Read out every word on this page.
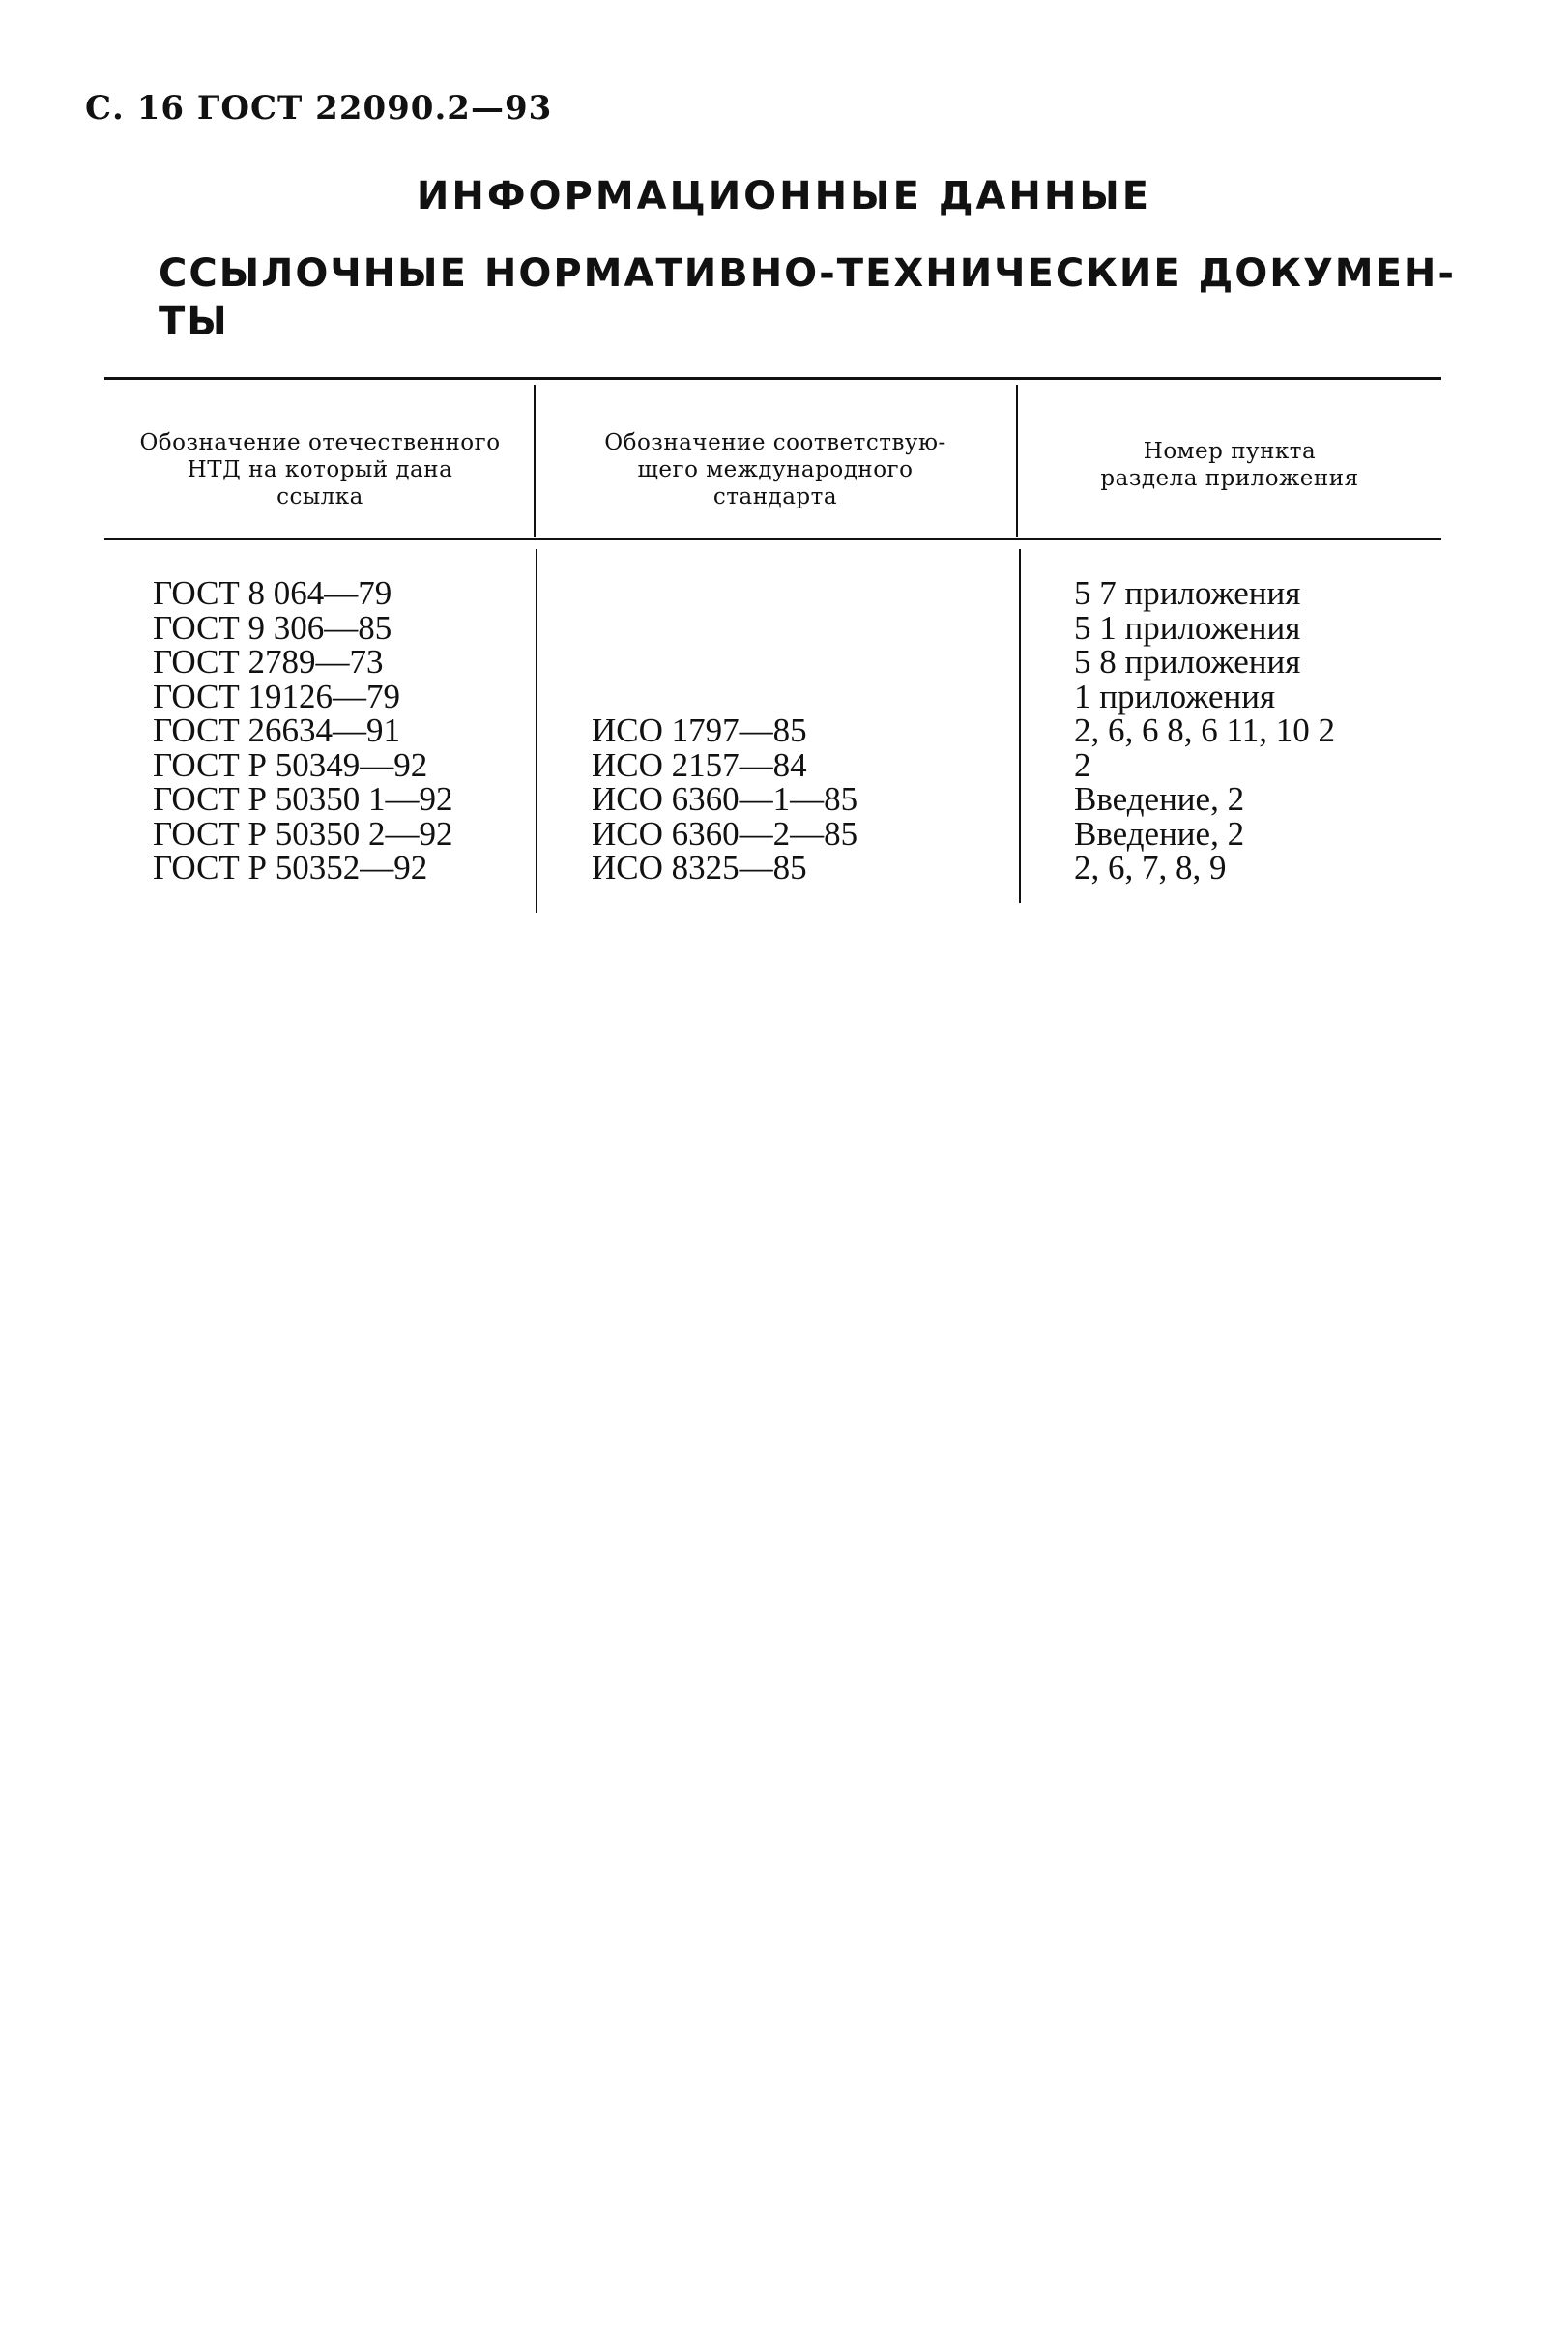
С. 16 ГОСТ 22090.2—93
ИНФОРМАЦИОННЫЕ ДАННЫЕ
ССЫЛОЧНЫЕ НОРМАТИВНО-ТЕХНИЧЕСКИЕ ДОКУМЕНТЫ
Обозначение отечественного
НТД на который дана
ссылка
Обозначение соответствую-
щего международного
стандарта
Номер пункта
раздела приложения
ГОСТ 8 064—79
ГОСТ 9 306—85
ГОСТ 2789—73
ГОСТ 19126—79
ГОСТ 26634—91
ГОСТ Р 50349—92
ГОСТ Р 50350 1—92
ГОСТ Р 50350 2—92
ГОСТ Р 50352—92
ИСО 1797—85
ИСО 2157—84
ИСО 6360—1—85
ИСО 6360—2—85
ИСО 8325—85
5 7 приложения
5 1 приложения
5 8 приложения
1 приложения
2, 6, 6 8, 6 11, 10 2
2
Введение, 2
Введение, 2
2, 6, 7, 8, 9
